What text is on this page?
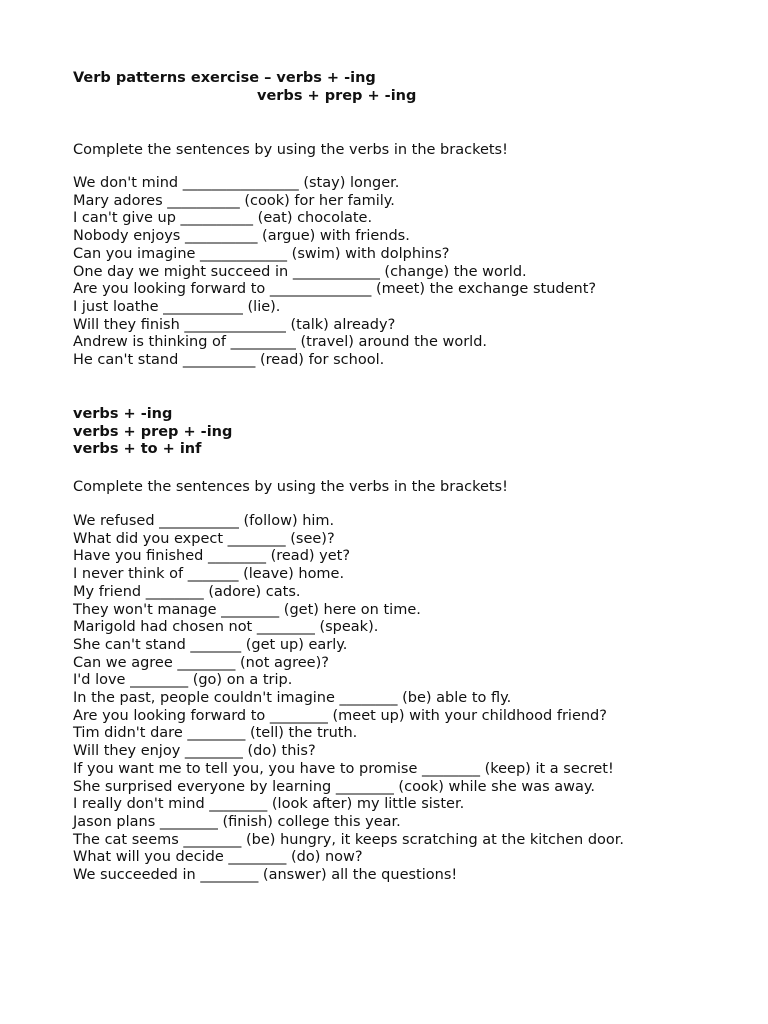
Verb patterns exercise – verbs + -ing
verbs + prep + -ing
Complete the sentences by using the verbs in the brackets!
We don't mind ________________ (stay) longer.
Mary adores __________ (cook) for her family.
I can't give up __________ (eat) chocolate.
Nobody enjoys __________ (argue) with friends.
Can you imagine ____________ (swim) with dolphins?
One day we might succeed in ____________ (change) the world.
Are you looking forward to ______________ (meet) the exchange student?
I just loathe ___________ (lie).
Will they finish ______________ (talk) already?
Andrew is thinking of _________ (travel) around the world.
He can't stand __________ (read) for school.
verbs + -ing
verbs + prep + -ing
verbs + to + inf
Complete the sentences by using the verbs in the brackets!
We refused ___________ (follow) him.
What did you expect ________ (see)?
Have you finished ________ (read) yet?
I never think of _______ (leave) home.
My friend ________ (adore) cats.
They won't manage ________ (get) here on time.
Marigold had chosen not ________ (speak).
She can't stand _______ (get up) early.
Can we agree ________ (not agree)?
I'd love ________ (go) on a trip.
In the past, people couldn't imagine ________ (be) able to fly.
Are you looking forward to ________ (meet up) with your childhood friend?
Tim didn't dare ________ (tell) the truth.
Will they enjoy ________ (do) this?
If you want me to tell you, you have to promise ________ (keep) it a secret!
She surprised everyone by learning ________ (cook) while she was away.
I really don't mind ________ (look after) my little sister.
Jason plans ________ (finish) college this year.
The cat seems ________ (be) hungry, it keeps scratching at the kitchen door.
What will you decide ________ (do) now?
We succeeded in ________ (answer) all the questions!
